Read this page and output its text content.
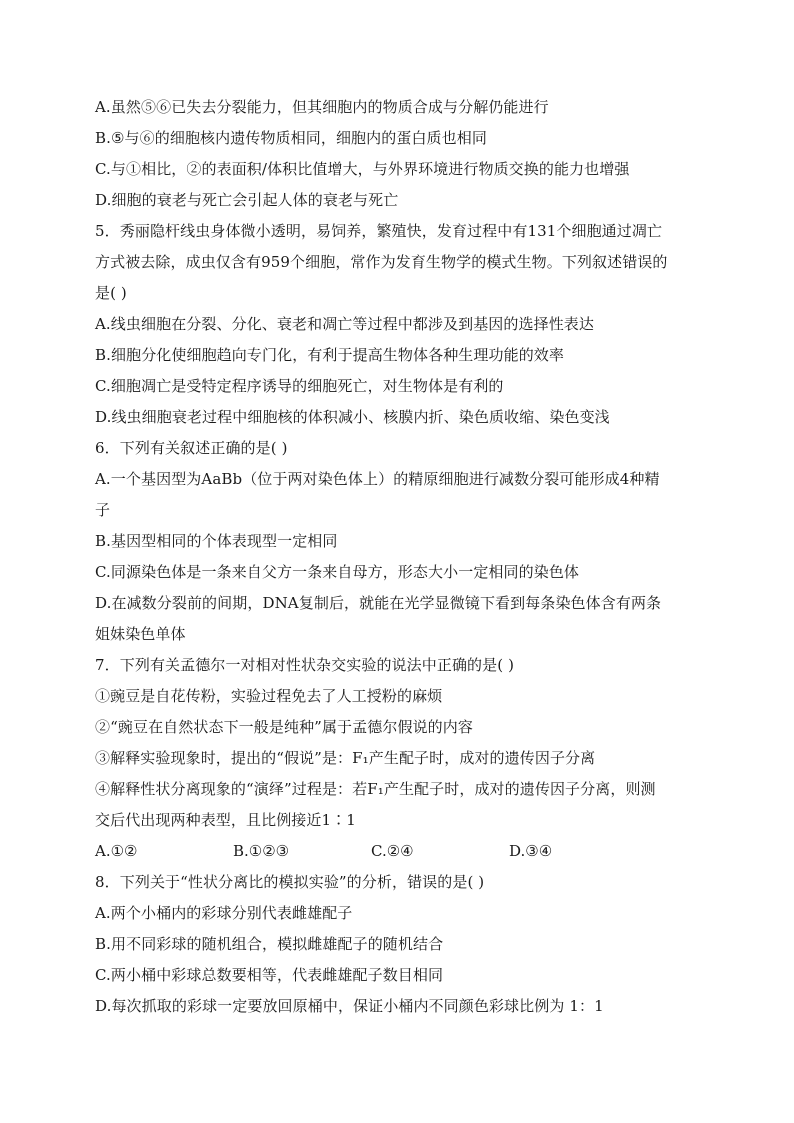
A.虽然⑤⑥已失去分裂能力，但其细胞内的物质合成与分解仍能进行
B.⑤与⑥的细胞核内遗传物质相同，细胞内的蛋白质也相同
C.与①相比，②的表面积/体积比值增大，与外界环境进行物质交换的能力也增强
D.细胞的衰老与死亡会引起人体的衰老与死亡
5．秀丽隐杆线虫身体微小透明，易饲养，繁殖快，发育过程中有131个细胞通过凋亡
方式被去除，成虫仅含有959个细胞，常作为发育生物学的模式生物。下列叙述错误的
是( )
A.线虫细胞在分裂、分化、衰老和凋亡等过程中都涉及到基因的选择性表达
B.细胞分化使细胞趋向专门化，有利于提高生物体各种生理功能的效率
C.细胞凋亡是受特定程序诱导的细胞死亡，对生物体是有利的
D.线虫细胞衰老过程中细胞核的体积减小、核膜内折、染色质收缩、染色变浅
6．下列有关叙述正确的是( )
A.一个基因型为AaBb（位于两对染色体上）的精原细胞进行减数分裂可能形成4种精
子
B.基因型相同的个体表现型一定相同
C.同源染色体是一条来自父方一条来自母方，形态大小一定相同的染色体
D.在减数分裂前的间期，DNA复制后，就能在光学显微镜下看到每条染色体含有两条
姐妹染色单体
7．下列有关孟德尔一对相对性状杂交实验的说法中正确的是( )
①豌豆是自花传粉，实验过程免去了人工授粉的麻烦
②“豌豆在自然状态下一般是纯种”属于孟德尔假说的内容
③解释实验现象时，提出的“假说”是：F₁产生配子时，成对的遗传因子分离
④解释性状分离现象的“演绎”过程是：若F₁产生配子时，成对的遗传因子分离，则测
交后代出现两种表型，且比例接近1∶1
A.①②	B.①②③	C.②④	D.③④
8．下列关于“性状分离比的模拟实验”的分析，错误的是( )
A.两个小桶内的彩球分别代表雌雄配子
B.用不同彩球的随机组合，模拟雌雄配子的随机结合
C.两小桶中彩球总数要相等，代表雌雄配子数目相同
D.每次抓取的彩球一定要放回原桶中，保证小桶内不同颜色彩球比例为 1：1
